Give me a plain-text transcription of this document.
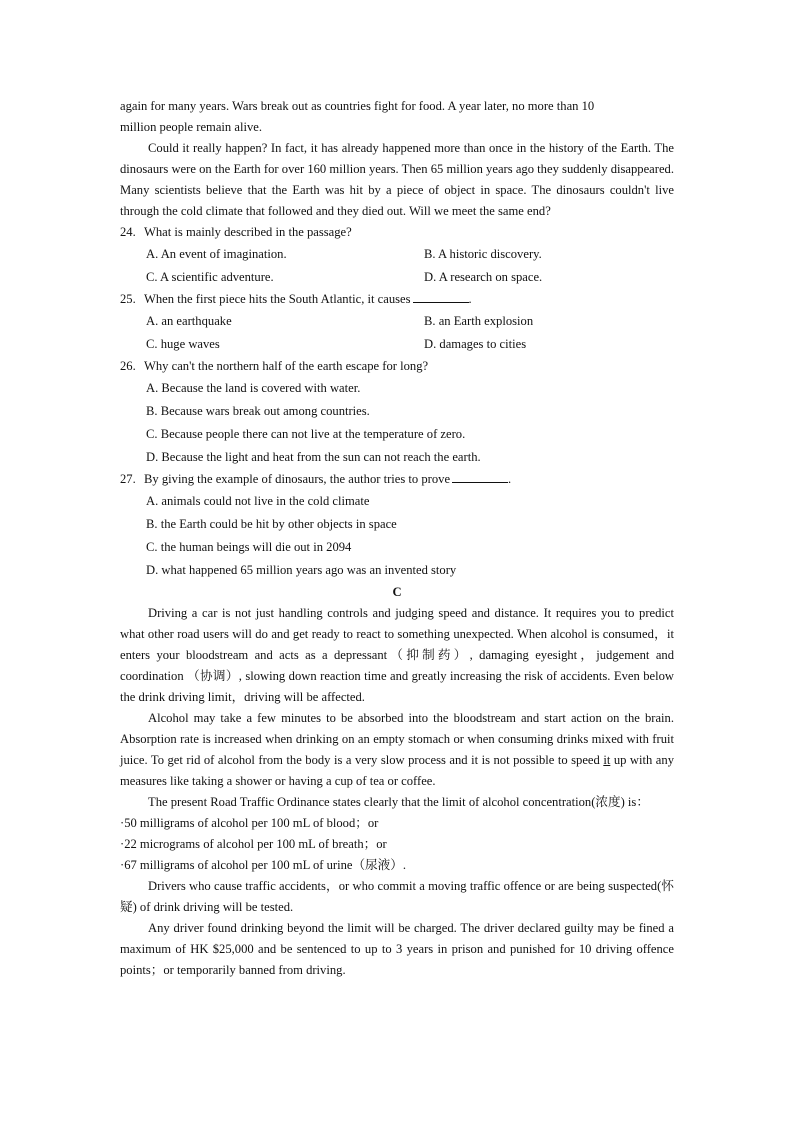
again for many years. Wars break out as countries fight for food. A year later, no more than 10
million people remain alive.

Could it really happen? In fact, it has already happened more than once in the history of the Earth. The dinosaurs were on the Earth for over 160 million years. Then 65 million years ago they suddenly disappeared. Many scientists believe that the Earth was hit by a piece of object in space. The dinosaurs couldn't live through the cold climate that followed and they died out. Will we meet the same end?

24. What is mainly described in the passage?
A. An event of imagination.	B. A historic discovery.
C. A scientific adventure.	D. A research on space.
25. When the first piece hits the South Atlantic, it causes	.
A. an earthquake	B. an Earth explosion
C. huge waves	D. damages to cities
26. Why can't the northern half of the earth escape for long?
A. Because the land is covered with water.
B. Because wars break out among countries.
C. Because people there can not live at the temperature of zero.
D. Because the light and heat from the sun can not reach the earth.
27. By giving the example of dinosaurs, the author tries to prove	.
A. animals could not live in the cold climate
B. the Earth could be hit by other objects in space
C. the human beings will die out in 2094
D. what happened 65 million years ago was an invented story
C

Driving a car is not just handling controls and judging speed and distance. It requires you to predict what other road users will do and get ready to react to something unexpected. When alcohol is consumed，it enters your bloodstream and acts as a depressant（抑制药）, damaging eyesight，judgement and coordination （协调）, slowing down reaction time and greatly increasing the risk of accidents. Even below the drink driving limit，driving will be affected.

Alcohol may take a few minutes to be absorbed into the bloodstream and start action on the brain. Absorption rate is increased when drinking on an empty stomach or when consuming drinks mixed with fruit juice. To get rid of alcohol from the body is a very slow process and it is not possible to speed it up with any measures like taking a shower or having a cup of tea or coffee.

The present Road Traffic Ordinance states clearly that the limit of alcohol concentration(浓度) is：

·50 milligrams of alcohol per 100 mL of blood；or
·22 micrograms of alcohol per 100 mL of breath；or
·67 milligrams of alcohol per 100 mL of urine（尿液）.

Drivers who cause traffic accidents，or who commit a moving traffic offence or are being suspected(怀疑) of drink driving will be tested.

Any driver found drinking beyond the limit will be charged. The driver declared guilty may be fined a maximum of HK $25,000 and be sentenced to up to 3 years in prison and punished for 10 driving offence points；or temporarily banned from driving.
